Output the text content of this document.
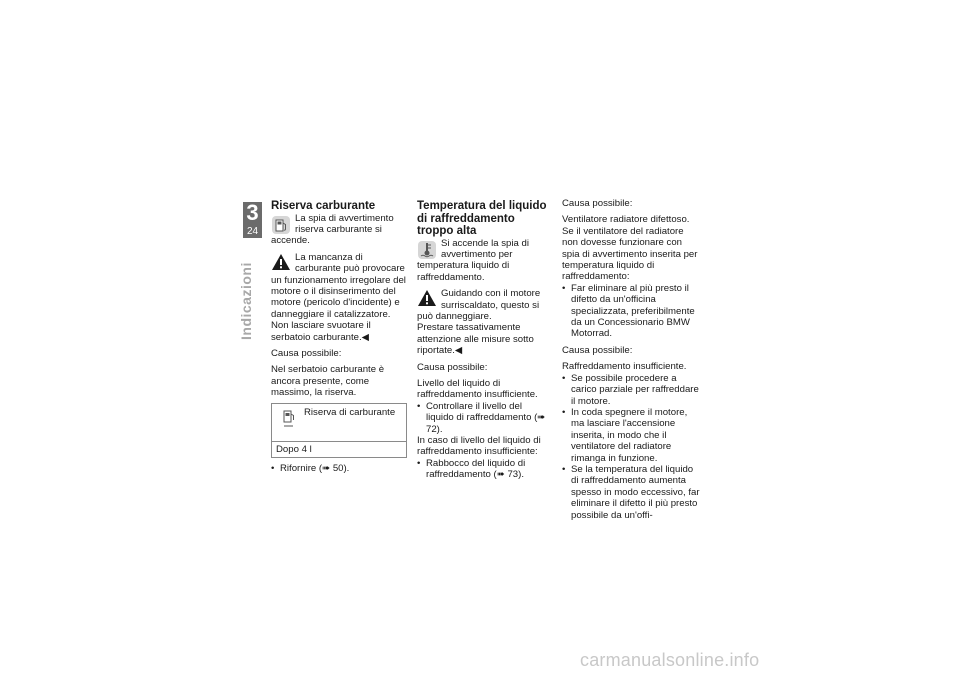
3
24
Indicazioni
Riserva carburante

La spia di avvertimento riserva carburante si accende.

La mancanza di carburante può provocare un funzionamento irregolare del motore o il disinserimento del motore (pericolo d'incidente) e danneggiare il catalizzatore.

Non lasciare svuotare il serbatoio carburante.◀

Causa possibile:

Nel serbatoio carburante è ancora presente, come massimo, la riserva.

Riserva di carburante
Dopo 4 l
• Rifornire (➠ 50).
Temperatura del liquido di raffreddamento troppo alta

Si accende la spia di avvertimento per temperatura liquido di raffreddamento.

Guidando con il motore surriscaldato, questo si può danneggiare.

Prestare tassativamente attenzione alle misure sotto riportate.◀

Causa possibile:

Livello del liquido di raffreddamento insufficiente.

• Controllare il livello del liquido di raffreddamento (➠ 72).

In caso di livello del liquido di raffreddamento insufficiente:

• Rabbocco del liquido di raffreddamento (➠ 73).

Causa possibile:

Ventilatore radiatore difettoso.

Se il ventilatore del radiatore non dovesse funzionare con spia di avvertimento inserita per temperatura liquido di raffreddamento:

• Far eliminare al più presto il difetto da un'officina specializzata, preferibilmente da un Concessionario BMW Motorrad.

Causa possibile:

Raffreddamento insufficiente.

• Se possibile procedere a carico parziale per raffreddare il motore.
• In coda spegnere il motore, ma lasciare l'accensione inserita, in modo che il ventilatore del radiatore rimanga in funzione.
• Se la temperatura del liquido di raffreddamento aumenta spesso in modo eccessivo, far eliminare il difetto il più presto possibile da un'offi-
carmanualsonline.info
